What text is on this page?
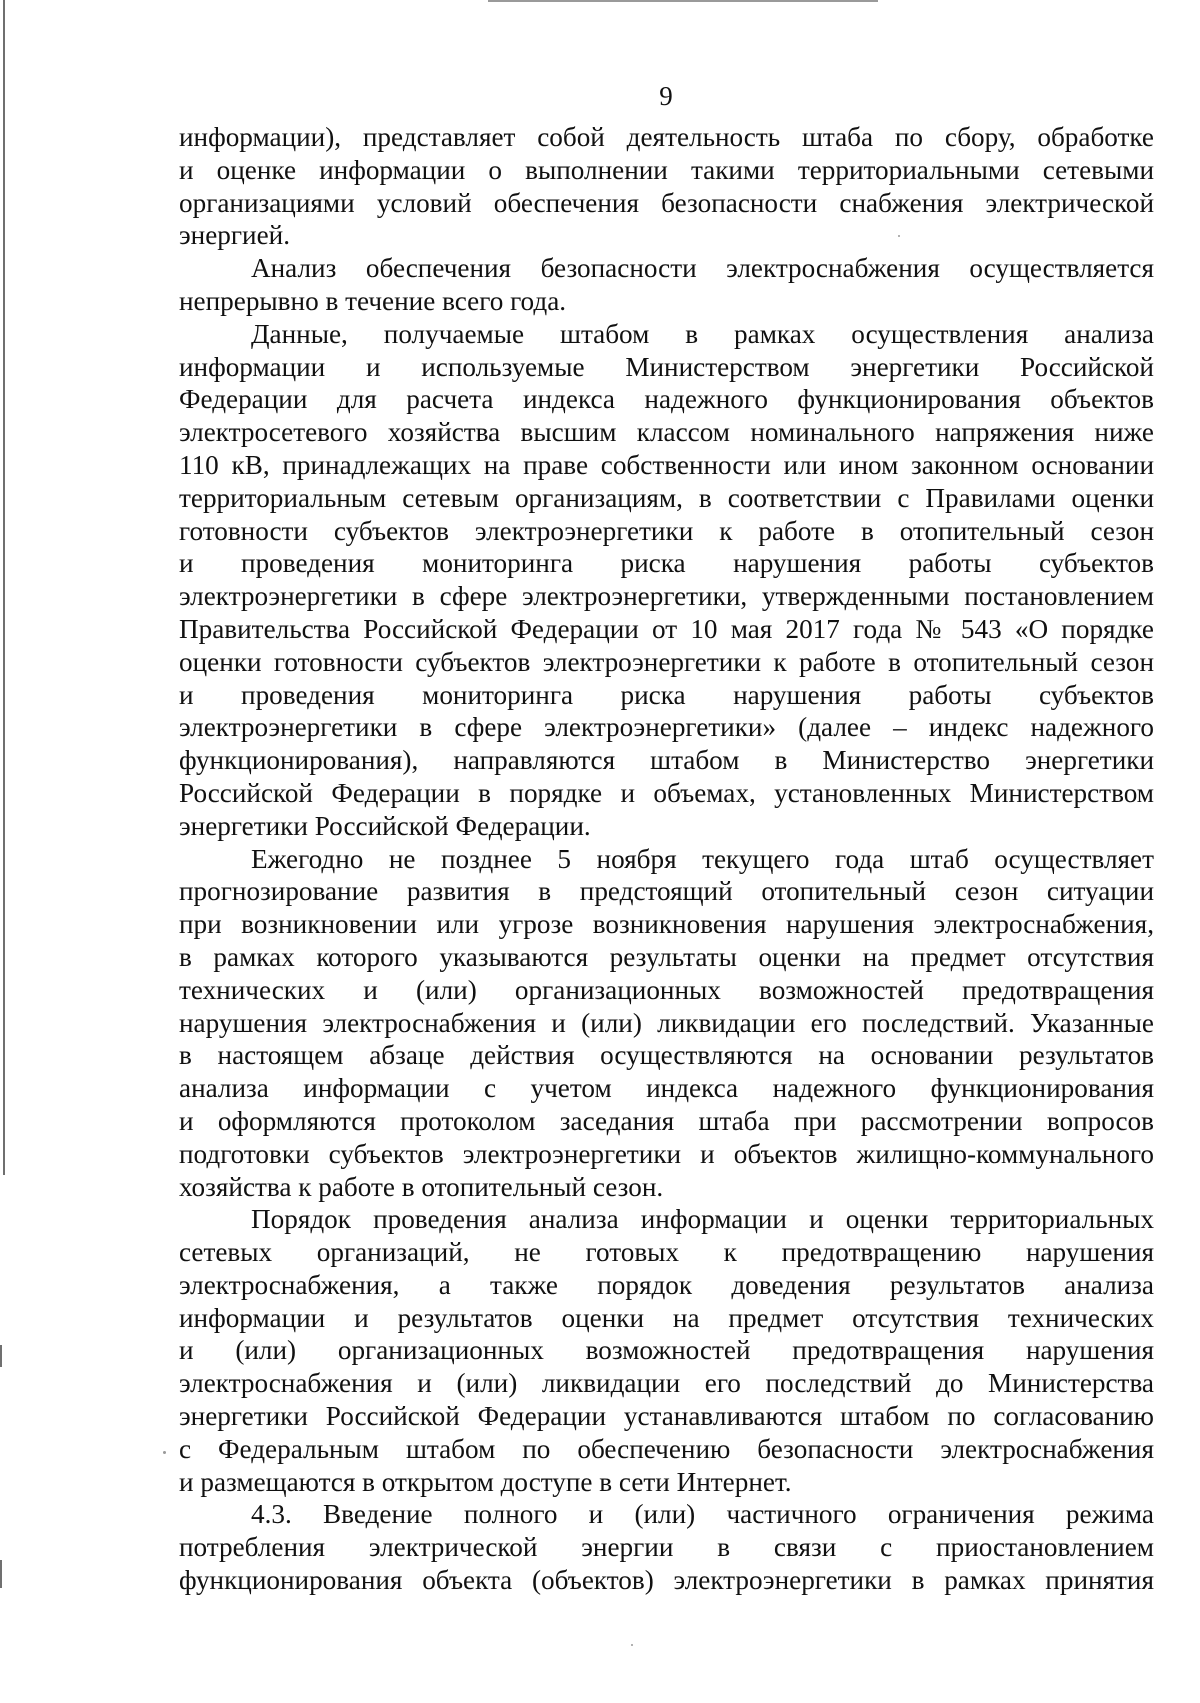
9

информации), представляет собой деятельность штаба по сбору, обработке
и оценке информации о выполнении такими территориальными сетевыми
организациями условий обеспечения безопасности снабжения электрической
энергией.

Анализ обеспечения безопасности электроснабжения осуществляется
непрерывно в течение всего года.

Данные, получаемые штабом в рамках осуществления анализа
информации и используемые Министерством энергетики Российской
Федерации для расчета индекса надежного функционирования объектов
электросетевого хозяйства высшим классом номинального напряжения ниже
110 кВ, принадлежащих на праве собственности или ином законном основании
территориальным сетевым организациям, в соответствии с Правилами оценки
готовности субъектов электроэнергетики к работе в отопительный сезон
и проведения мониторинга риска нарушения работы субъектов
электроэнергетики в сфере электроэнергетики, утвержденными постановлением
Правительства Российской Федерации от 10 мая 2017 года № 543 «О порядке
оценки готовности субъектов электроэнергетики к работе в отопительный сезон
и проведения мониторинга риска нарушения работы субъектов
электроэнергетики в сфере электроэнергетики» (далее – индекс надежного
функционирования), направляются штабом в Министерство энергетики
Российской Федерации в порядке и объемах, установленных Министерством
энергетики Российской Федерации.

Ежегодно не позднее 5 ноября текущего года штаб осуществляет
прогнозирование развития в предстоящий отопительный сезон ситуации
при возникновении или угрозе возникновения нарушения электроснабжения,
в рамках которого указываются результаты оценки на предмет отсутствия
технических и (или) организационных возможностей предотвращения
нарушения электроснабжения и (или) ликвидации его последствий. Указанные
в настоящем абзаце действия осуществляются на основании результатов
анализа информации с учетом индекса надежного функционирования
и оформляются протоколом заседания штаба при рассмотрении вопросов
подготовки субъектов электроэнергетики и объектов жилищно-коммунального
хозяйства к работе в отопительный сезон.

Порядок проведения анализа информации и оценки территориальных
сетевых организаций, не готовых к предотвращению нарушения
электроснабжения, а также порядок доведения результатов анализа
информации и результатов оценки на предмет отсутствия технических
и (или) организационных возможностей предотвращения нарушения
электроснабжения и (или) ликвидации его последствий до Министерства
энергетики Российской Федерации устанавливаются штабом по согласованию
с Федеральным штабом по обеспечению безопасности электроснабжения
и размещаются в открытом доступе в сети Интернет.

4.3. Введение полного и (или) частичного ограничения режима
потребления электрической энергии в связи с приостановлением
функционирования объекта (объектов) электроэнергетики в рамках принятия
